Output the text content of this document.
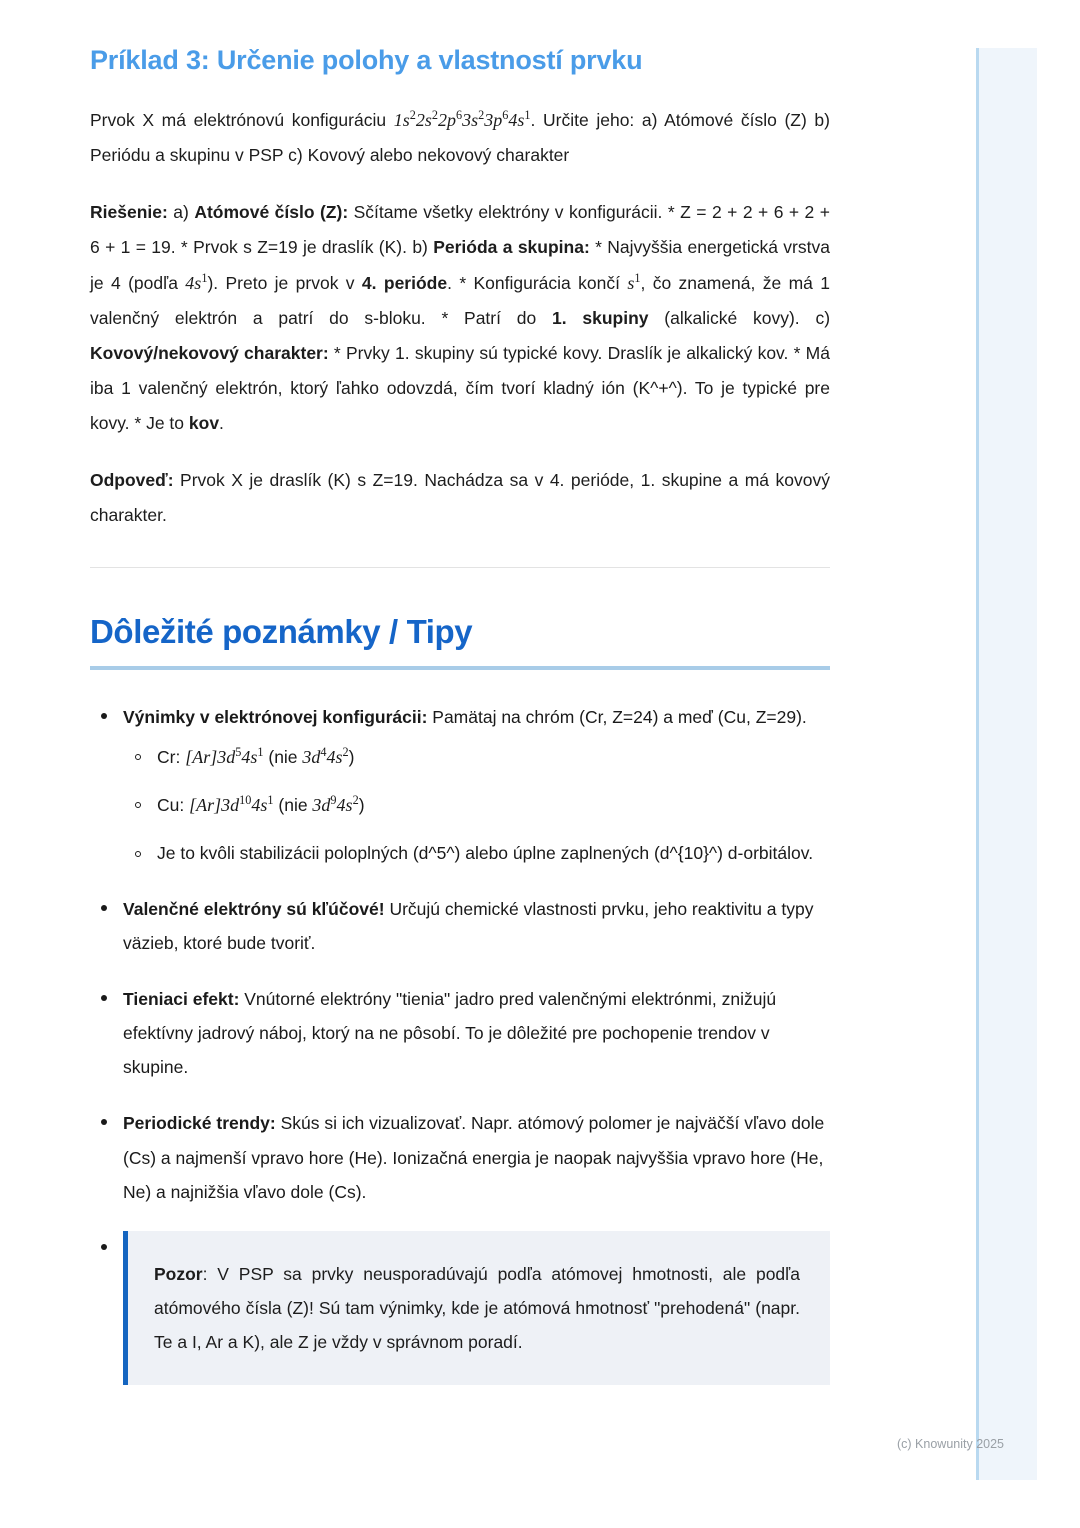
Príklad 3: Určenie polohy a vlastností prvku

Prvok X má elektrónovú konfiguráciu $1s^22s^22p^63s^23p^64s^1$. Určite jeho: a) Atómové číslo (Z) b) Periódu a skupinu v PSP c) Kovový alebo nekovový charakter

Riešenie: a) Atómové číslo (Z): Sčítame všetky elektróny v konfigurácii. * Z = 2 + 2 + 6 + 2 + 6 + 1 = 19. * Prvok s Z=19 je draslík (K). b) Perióda a skupina: * Najvyššia energetická vrstva je 4 (podľa $4s^1$). Preto je prvok v 4. perióde. * Konfigurácia končí $s^1$, čo znamená, že má 1 valenčný elektrón a patrí do s-bloku. * Patrí do 1. skupiny (alkalické kovy). c) Kovový/nekovový charakter: * Prvky 1. skupiny sú typické kovy. Draslík je alkalický kov. * Má iba 1 valenčný elektrón, ktorý ľahko odovzdá, čím tvorí kladný ión (K^+^). To je typické pre kovy. * Je to kov.

Odpoveď: Prvok X je draslík (K) s Z=19. Nachádza sa v 4. perióde, 1. skupine a má kovový charakter.

Dôležité poznámky / Tipy
Výnimky v elektrónovej konfigurácii: Pamätaj na chróm (Cr, Z=24) a meď (Cu, Z=29).
Cr: $[Ar]3d^54s^1$ (nie $3d^44s^2$)
Cu: $[Ar]3d^{10}4s^1$ (nie $3d^94s^2$)
Je to kvôli stabilizácii poloplných (d^5^) alebo úplne zaplnených (d^{10}^) d-orbitálov.
Valenčné elektróny sú kľúčové! Určujú chemické vlastnosti prvku, jeho reaktivitu a typy väzieb, ktoré bude tvoriť.
Tieniaci efekt: Vnútorné elektróny "tienia" jadro pred valenčnými elektrónmi, znižujú efektívny jadrový náboj, ktorý na ne pôsobí. To je dôležité pre pochopenie trendov v skupine.
Periodické trendy: Skús si ich vizualizovať. Napr. atómový polomer je najväčší vľavo dole (Cs) a najmenší vpravo hore (He). Ionizačná energia je naopak najvyššia vpravo hore (He, Ne) a najnižšia vľavo dole (Cs).

Pozor: V PSP sa prvky neusporadúvajú podľa atómovej hmotnosti, ale podľa atómového čísla (Z)! Sú tam výnimky, kde je atómová hmotnosť "prehodená" (napr. Te a I, Ar a K), ale Z je vždy v správnom poradí.

(c) Knowunity 2025
